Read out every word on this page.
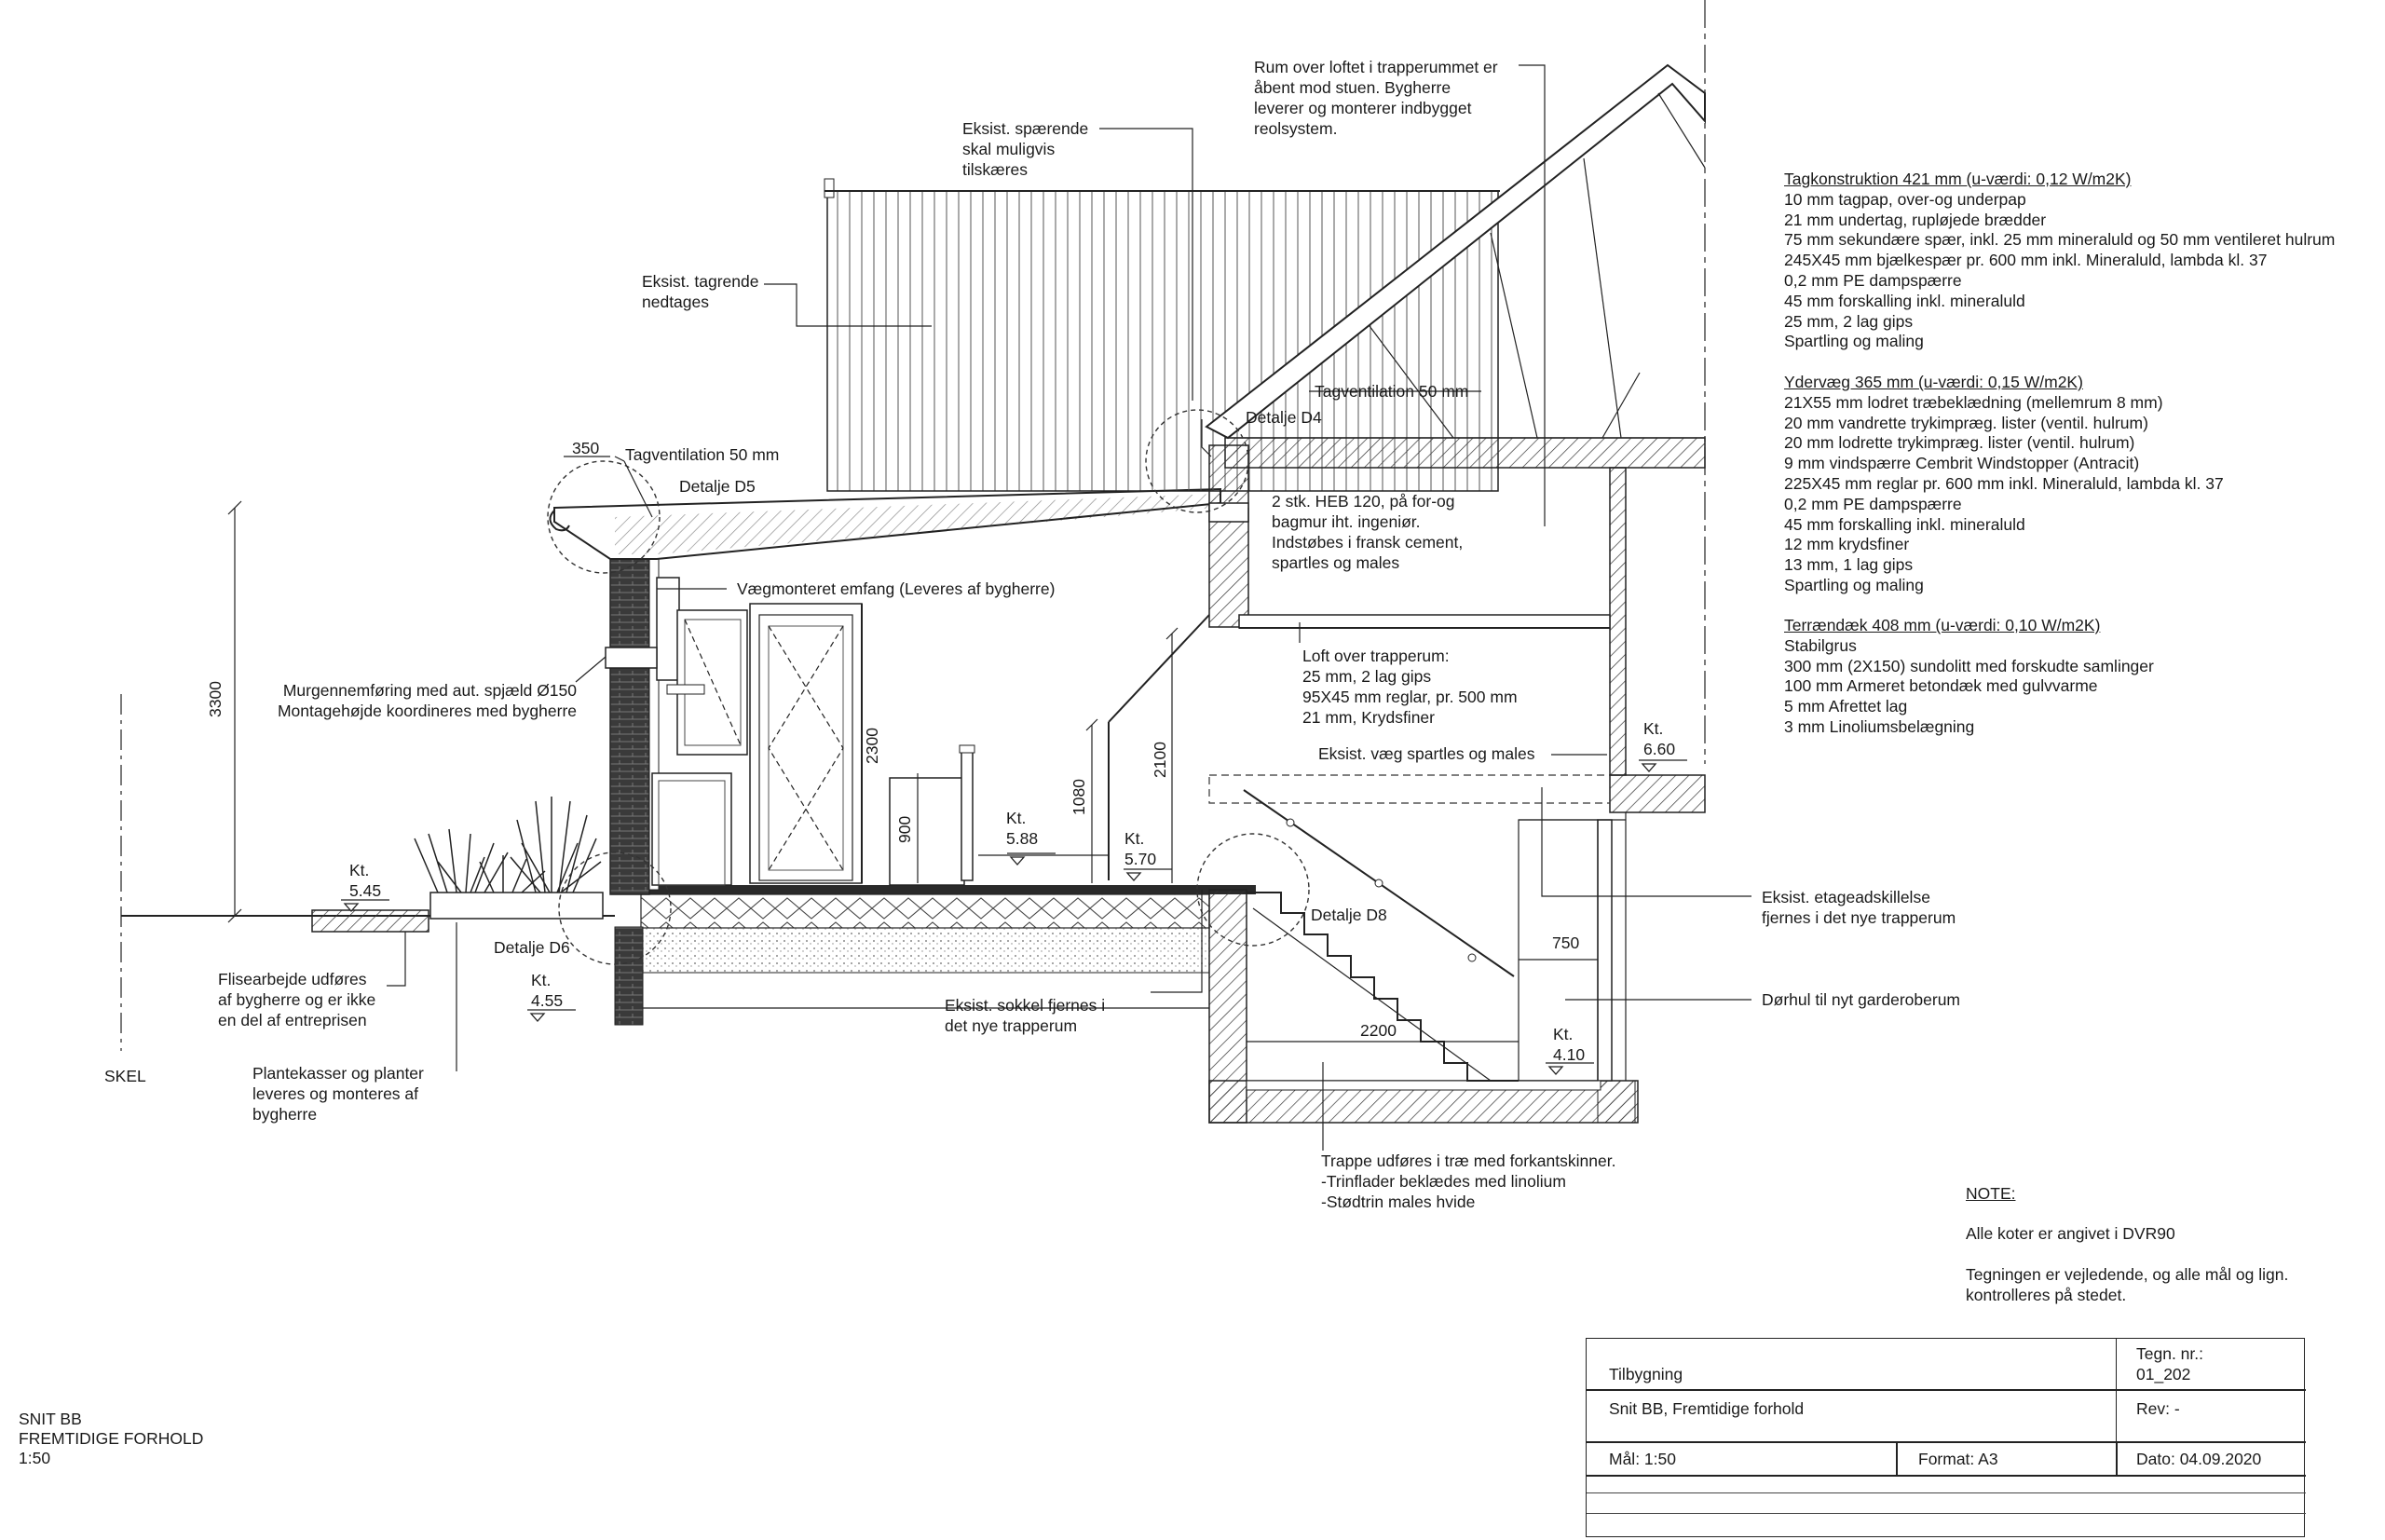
Rum over loftet i trapperummet er
åbent mod stuen. Bygherre
leverer og monterer indbygget
reolsystem.
Eksist. spærende
skal muligvis
tilskæres
Eksist. tagrende
nedtages
Tagventilation 50 mm
Detalje D4
350 Tagventilation 50 mm
Detalje D5
2 stk. HEB 120, på for-og
bagmur iht. ingeniør.
Indstøbes i fransk cement,
spartles og males
Vægmonteret emfang (Leveres af bygherre)
3300	Murgennemføring med aut. spjæld Ø150
Montagehøjde koordineres med bygherre
Loft over trapperum:
25 mm, 2 lag gips
95X45 mm reglar, pr. 500 mm
21 mm, Krydsfiner
2300	2100
1080
900
Kt.
6.60
Eksist. væg spartles og males
Kt.
5.88	Kt.
5.70
Kt.
5.45
Kt.
4.55
Kt.
4.10
Detalje D8
Detalje D6
Eksist. etageadskillelse
fjernes i det nye trapperum
750
Dørhul til nyt garderoberum
Flisearbejde udføres
af bygherre og er ikke
en del af entreprisen
Eksist. sokkel fjernes i
det nye trapperum	2200
SKEL	Plantekasser og planter
leveres og monteres af
bygherre
Trappe udføres i træ med forkantskinner.
-Trinflader beklædes med linolium
-Stødtrin males hvide
Tagkonstruktion 421 mm (u-værdi: 0,12 W/m2K)
10 mm tagpap, over-og underpap
21 mm undertag, rupløjede brædder
75 mm sekundære spær, inkl. 25 mm mineraluld og 50 mm ventileret hulrum
245X45 mm bjælkespær pr. 600 mm inkl. Mineraluld, lambda kl. 37
0,2 mm PE dampspærre
45 mm forskalling inkl. mineraluld
25 mm, 2 lag gips
Spartling og maling
Ydervæg 365 mm (u-værdi: 0,15 W/m2K)
21X55 mm lodret træbeklædning (mellemrum 8 mm)
20 mm vandrette trykimpræg. lister (ventil. hulrum)
20 mm lodrette trykimpræg. lister (ventil. hulrum)
9 mm vindspærre Cembrit Windstopper (Antracit)
225X45 mm reglar pr. 600 mm inkl. Mineraluld, lambda kl. 37
0,2 mm PE dampspærre
45 mm forskalling inkl. mineraluld
12 mm krydsfiner
13 mm, 1 lag gips
Spartling og maling
Terrændæk 408 mm (u-værdi: 0,10 W/m2K)
Stabilgrus
300 mm (2X150) sundolitt med forskudte samlinger
100 mm Armeret betondæk med gulvvarme
5 mm Afrettet lag
3 mm Linoliumsbelægning
NOTE:
Alle koter er angivet i DVR90
Tegningen er vejledende, og alle mål og lign.
kontrolleres på stedet.
Tilbygning
Tegn. nr.:
01_202
Snit BB, Fremtidige forhold	Rev: -
Mål: 1:50	Format: A3	Dato: 04.09.2020
SNIT BB
FREMTIDIGE FORHOLD
1:50
